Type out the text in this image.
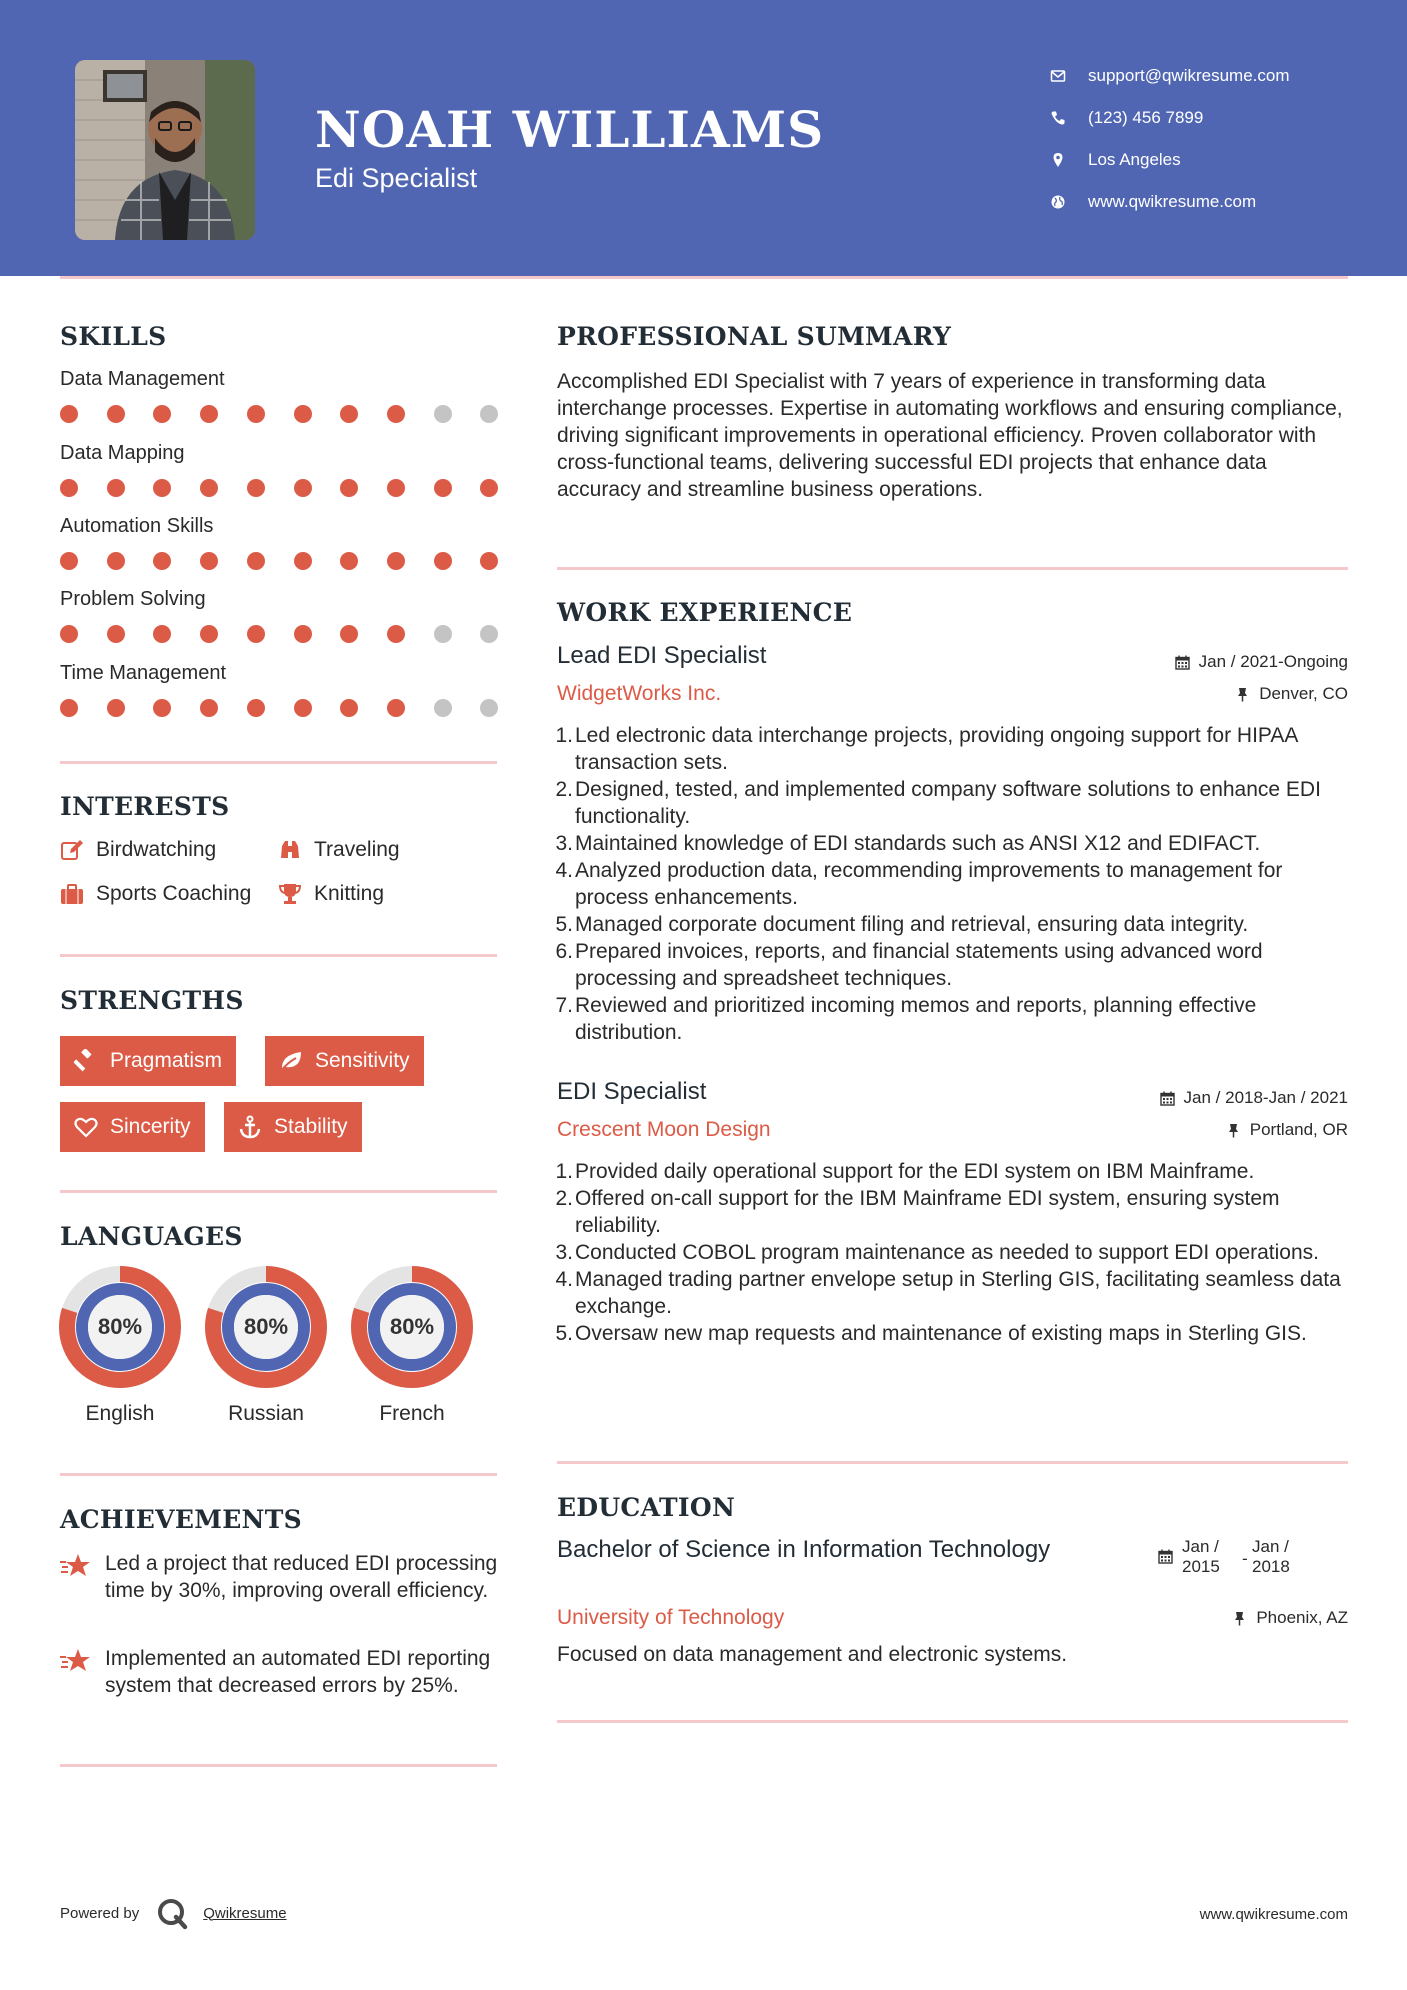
NOAH WILLIAMS
Edi Specialist
support@qwikresume.com
(123) 456 7899
Los Angeles
www.qwikresume.com
SKILLS
Data Management
Data Mapping
Automation Skills
Problem Solving
Time Management
INTERESTS
Birdwatching	Traveling
Sports Coaching	Knitting
STRENGTHS
Pragmatism	Sensitivity
Sincerity	Stability
LANGUAGES
80%
English
80%
Russian
80%
French
ACHIEVEMENTS
Led a project that reduced EDI processing time by 30%, improving overall efficiency.
Implemented an automated EDI reporting system that decreased errors by 25%.
PROFESSIONAL SUMMARY
Accomplished EDI Specialist with 7 years of experience in transforming data interchange processes. Expertise in automating workflows and ensuring compliance, driving significant improvements in operational efficiency. Proven collaborator with cross-functional teams, delivering successful EDI projects that enhance data accuracy and streamline business operations.
WORK EXPERIENCE
Lead EDI Specialist	Jan / 2021-Ongoing
WidgetWorks Inc.	Denver, CO
1. Led electronic data interchange projects, providing ongoing support for HIPAA transaction sets.
2. Designed, tested, and implemented company software solutions to enhance EDI functionality.
3. Maintained knowledge of EDI standards such as ANSI X12 and EDIFACT.
4. Analyzed production data, recommending improvements to management for process enhancements.
5. Managed corporate document filing and retrieval, ensuring data integrity.
6. Prepared invoices, reports, and financial statements using advanced word processing and spreadsheet techniques.
7. Reviewed and prioritized incoming memos and reports, planning effective distribution.
EDI Specialist	Jan / 2018-Jan / 2021
Crescent Moon Design	Portland, OR
1. Provided daily operational support for the EDI system on IBM Mainframe.
2. Offered on-call support for the IBM Mainframe EDI system, ensuring system reliability.
3. Conducted COBOL program maintenance as needed to support EDI operations.
4. Managed trading partner envelope setup in Sterling GIS, facilitating seamless data exchange.
5. Oversaw new map requests and maintenance of existing maps in Sterling GIS.
EDUCATION
Bachelor of Science in Information Technology	Jan / 2015	-
Jan / 2018
University of Technology	Phoenix, AZ
Focused on data management and electronic systems.
Powered by	Qwikresume	www.qwikresume.com
